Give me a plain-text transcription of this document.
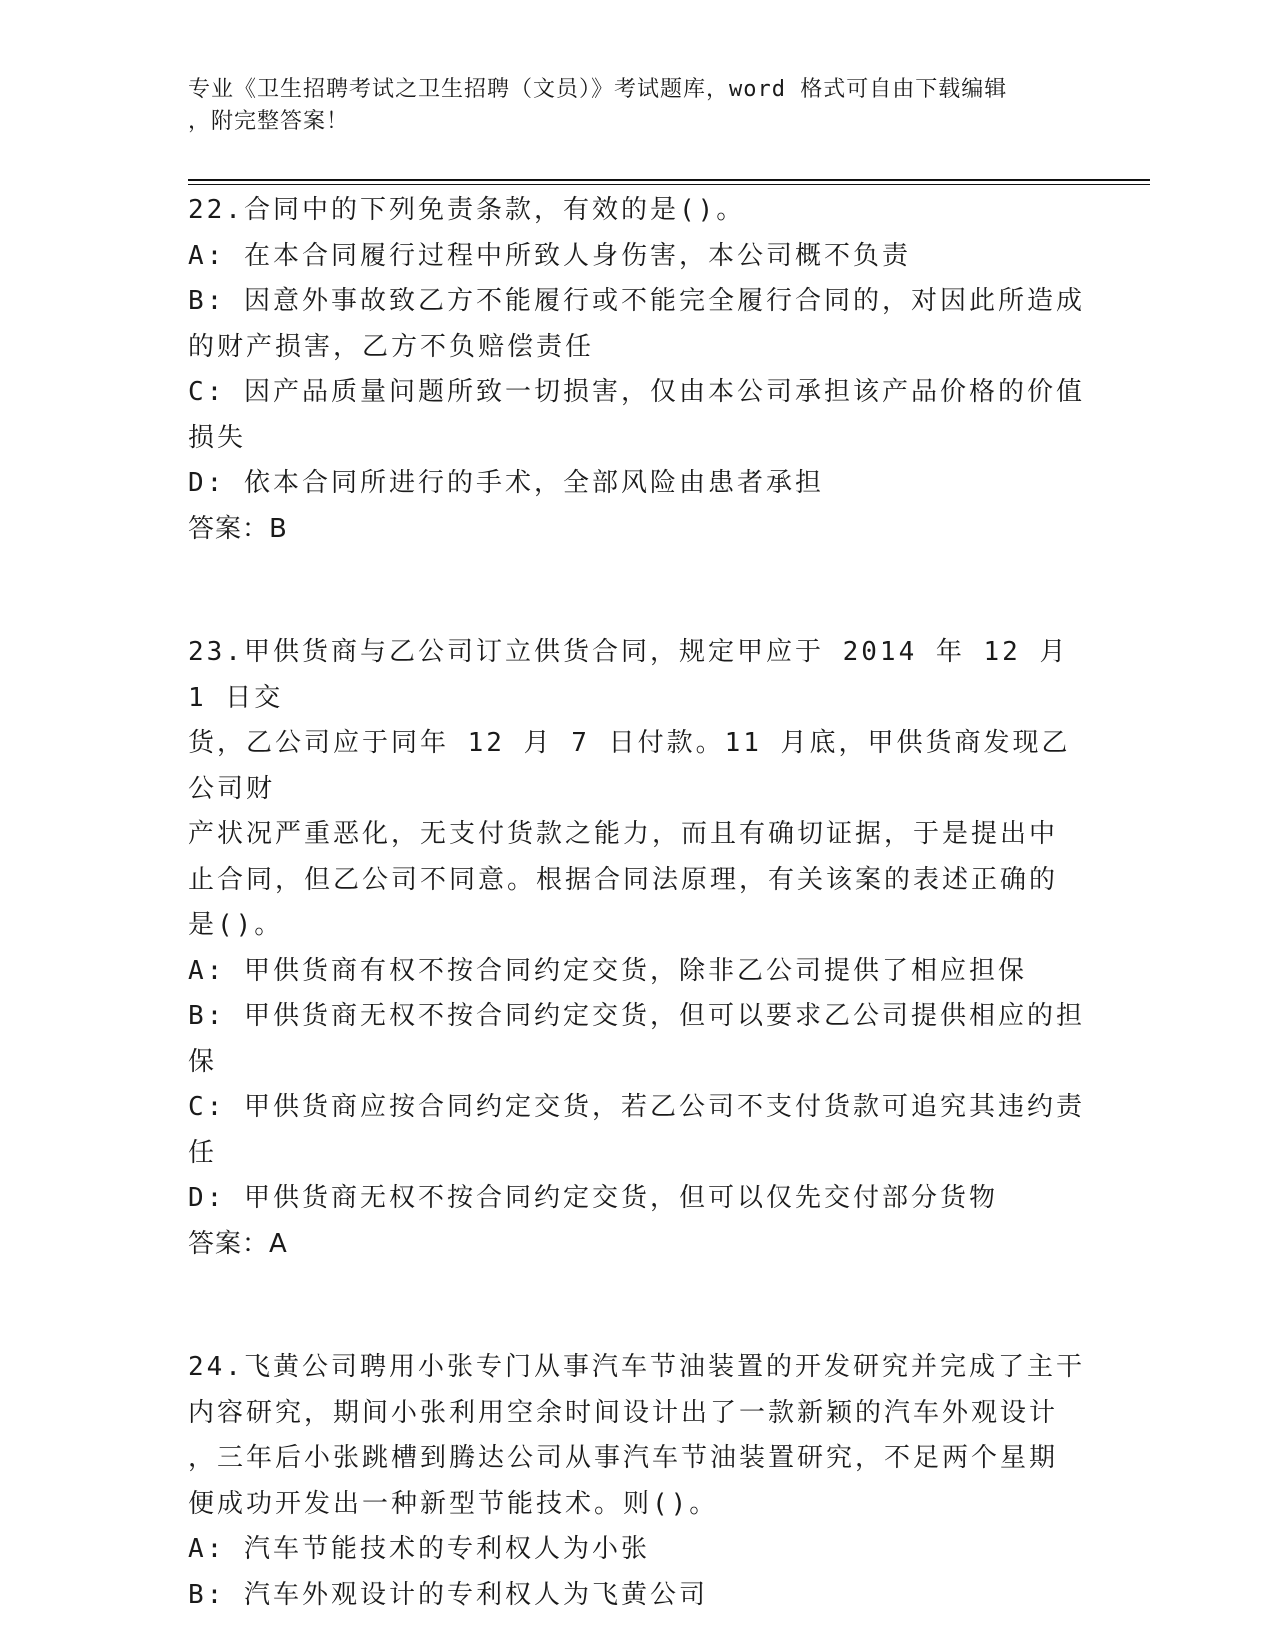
专业《卫生招聘考试之卫生招聘（文员）》考试题库，word 格式可自由下载编辑
，附完整答案！

22.合同中的下列免责条款，有效的是()。

A: 在本合同履行过程中所致人身伤害，本公司概不负责

B: 因意外事故致乙方不能履行或不能完全履行合同的，对因此所造成

的财产损害，乙方不负赔偿责任

C: 因产品质量问题所致一切损害，仅由本公司承担该产品价格的价值

损失

D: 依本合同所进行的手术，全部风险由患者承担

答案：B

23.甲供货商与乙公司订立供货合同，规定甲应于 2014 年 12 月 1 日交

货，乙公司应于同年 12 月 7 日付款。11 月底，甲供货商发现乙公司财

产状况严重恶化，无支付货款之能力，而且有确切证据，于是提出中

止合同，但乙公司不同意。根据合同法原理，有关该案的表述正确的

是()。

A: 甲供货商有权不按合同约定交货，除非乙公司提供了相应担保

B: 甲供货商无权不按合同约定交货，但可以要求乙公司提供相应的担

保

C: 甲供货商应按合同约定交货，若乙公司不支付货款可追究其违约责

任

D: 甲供货商无权不按合同约定交货，但可以仅先交付部分货物

答案：A

24.飞黄公司聘用小张专门从事汽车节油装置的开发研究并完成了主干

内容研究，期间小张利用空余时间设计出了一款新颖的汽车外观设计

，三年后小张跳槽到腾达公司从事汽车节油装置研究，不足两个星期

便成功开发出一种新型节能技术。则()。

A: 汽车节能技术的专利权人为小张

B: 汽车外观设计的专利权人为飞黄公司
